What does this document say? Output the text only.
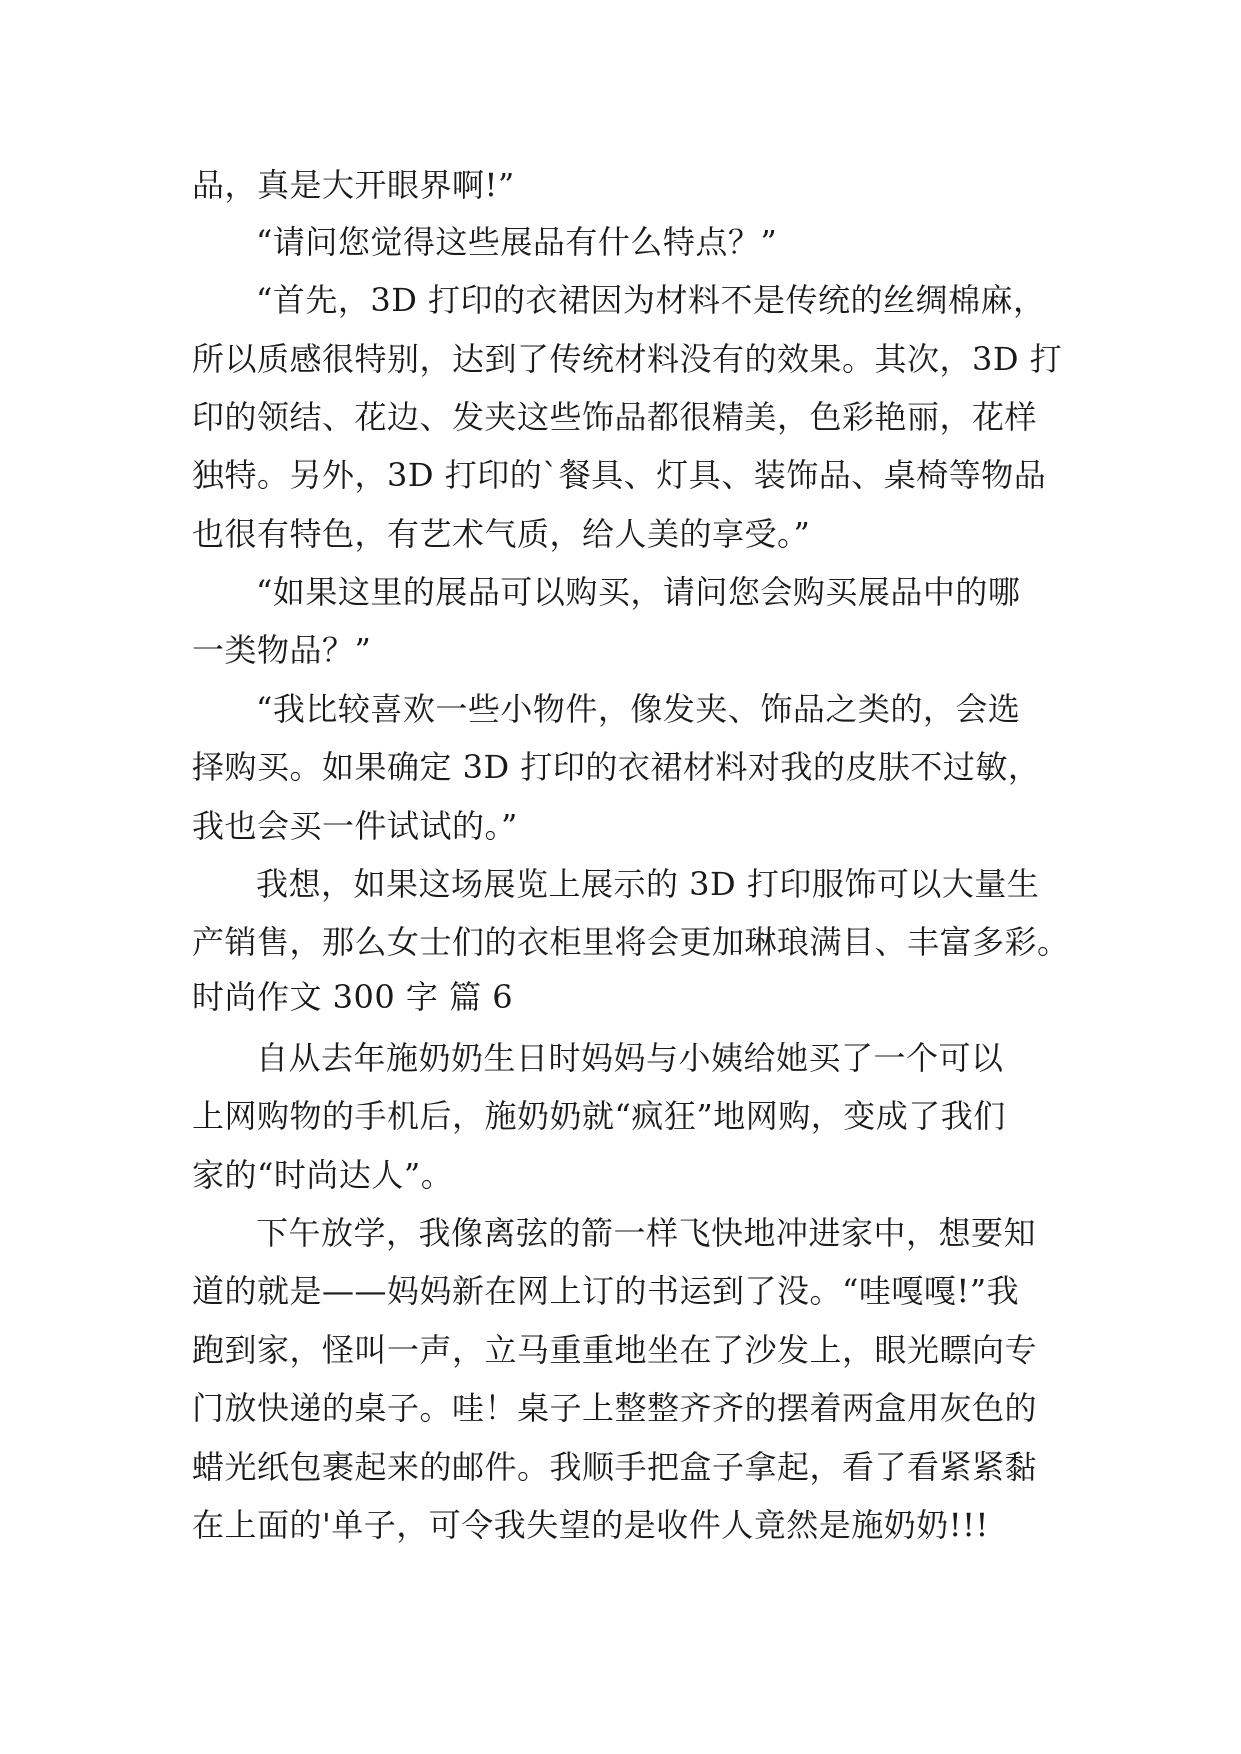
品，真是大开眼界啊!”
“请问您觉得这些展品有什么特点？”
“首先，3D 打印的衣裙因为材料不是传统的丝绸棉麻，
所以质感很特别，达到了传统材料没有的效果。其次，3D 打
印的领结、花边、发夹这些饰品都很精美，色彩艳丽，花样
独特。另外，3D 打印的`餐具、灯具、装饰品、桌椅等物品
也很有特色，有艺术气质，给人美的享受。”
“如果这里的展品可以购买，请问您会购买展品中的哪
一类物品？”
“我比较喜欢一些小物件，像发夹、饰品之类的，会选
择购买。如果确定 3D 打印的衣裙材料对我的皮肤不过敏，
我也会买一件试试的。”
我想，如果这场展览上展示的 3D 打印服饰可以大量生
产销售，那么女士们的衣柜里将会更加琳琅满目、丰富多彩。
时尚作文 300 字 篇 6
自从去年施奶奶生日时妈妈与小姨给她买了一个可以
上网购物的手机后，施奶奶就“疯狂”地网购，变成了我们
家的“时尚达人”。
下午放学，我像离弦的箭一样飞快地冲进家中，想要知
道的就是——妈妈新在网上订的书运到了没。“哇嘎嘎!”我
跑到家，怪叫一声，立马重重地坐在了沙发上，眼光瞟向专
门放快递的桌子。哇！桌子上整整齐齐的摆着两盒用灰色的
蜡光纸包裹起来的邮件。我顺手把盒子拿起，看了看紧紧黏
在上面的'单子，可令我失望的是收件人竟然是施奶奶!!!
